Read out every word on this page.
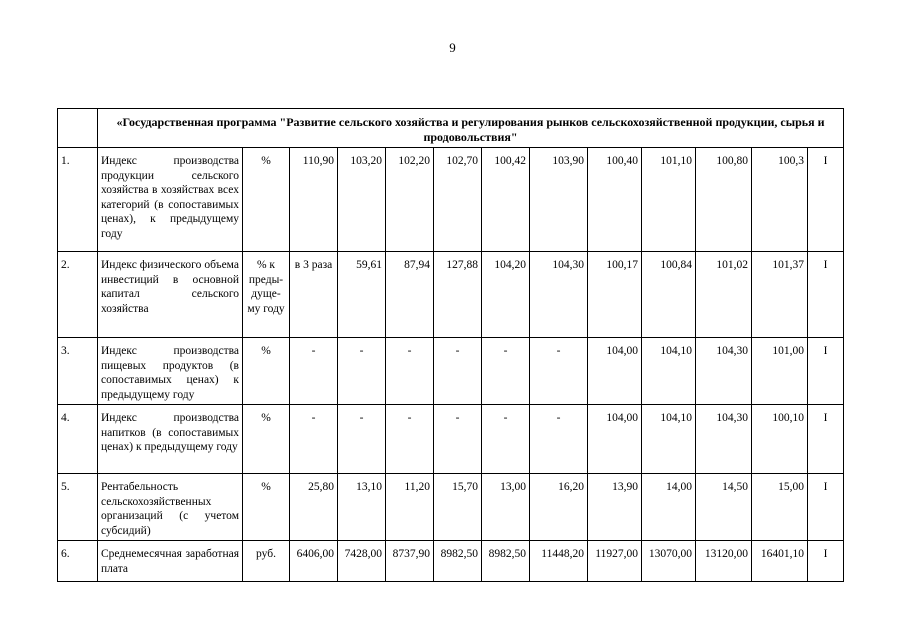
9
	«Государственная программа "Развитие сельского хозяйства и регулирования рынков сельскохозяйственной продукции, сырья и продовольствия"												
1.	Индекс производства продукции сельского хозяйства в хозяйствах всех категорий (в сопоставимых ценах), к предыдущему году	%	110,90	103,20	102,20	102,70	100,42	103,90	100,40	101,10	100,80	100,3	I
2.	Индекс физического объема инвестиций в основной капитал сельского хозяйства	% к преды-дуще-му году	в 3 раза	59,61	87,94	127,88	104,20	104,30	100,17	100,84	101,02	101,37	I
3.	Индекс производства пищевых продуктов (в сопоставимых ценах) к предыдущему году	%	-	-	-	-	-	-	104,00	104,10	104,30	101,00	I
4.	Индекс производства напитков (в сопоставимых ценах) к предыдущему году	%	-	-	-	-	-	-	104,00	104,10	104,30	100,10	I
5.	Рентабельность сельскохозяйственных организаций (с учетом субсидий)	%	25,80	13,10	11,20	15,70	13,00	16,20	13,90	14,00	14,50	15,00	I
6.	Среднемесячная заработная плата	руб.	6406,00	7428,00	8737,90	8982,50	8982,50	11448,20	11927,00	13070,00	13120,00	16401,10	I
